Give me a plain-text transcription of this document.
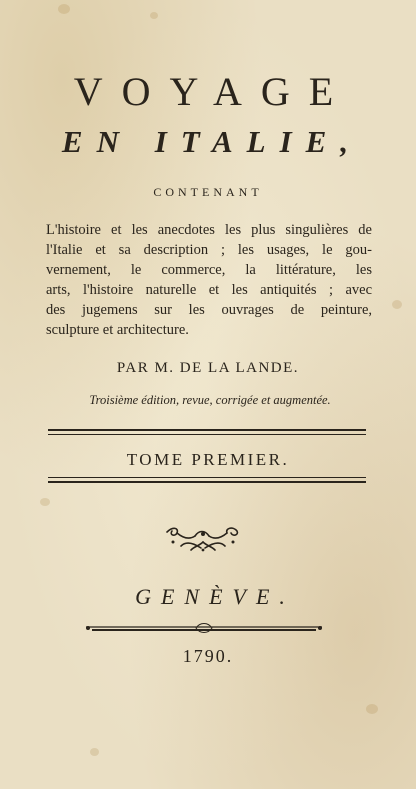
VOYAGE
EN ITALIE,
CONTENANT
L'histoire et les anecdotes les plus singulières de
l'Italie et sa description ; les usages, le gou-
vernement, le commerce, la littérature, les
arts, l'histoire naturelle et les antiquités ; avec
des jugemens sur les ouvrages de peinture,
sculpture et architecture.
PAR M. DE LA LANDE.
Troisième édition, revue, corrigée et augmentée.
TOME PREMIER.
GENÈVE.
1790.
